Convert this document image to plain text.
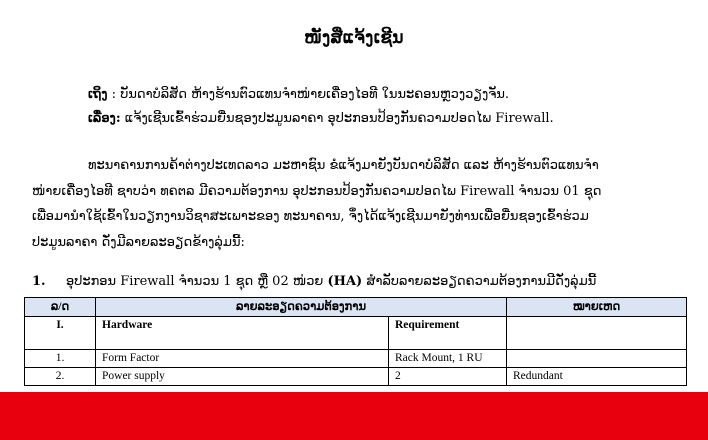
ໜັງສືແຈ້ງເຊີນ
ເຖິງ : ບັນດາບໍລິສັດ ຫ້າງຮ້ານຕົວແທນຈຳໜ່າຍເຄື່ອງໄອທີ ໃນນະຄອນຫຼວງວຽງຈັນ.
ເລື່ອງ: ແຈ້ງເຊີນເຂົ້າຮ່ວມຍື່ນຊອງປະມູນລາຄາ ອຸປະກອນປ້ອງກັນຄວາມປອດໄພ Firewall.
ທະນາຄານການຄ້າຕ່າງປະເທດລາວ ມະຫາຊົນ ຂໍແຈ້ງມາຍັງບັນດາບໍລິສັດ ແລະ ຫ້າງຮ້ານຕົວແທນຈຳ
ໜ່າຍເຄື່ອງໄອທີ ຊາບວ່າ ທຄຕລ ມີຄວາມຕ້ອງການ ອຸປະກອນປ້ອງກັນຄວາມປອດໄພ Firewall ຈຳນວນ 01 ຊຸດ
ເພື່ອມານຳໃຊ້ເຂົ້າໃນວຽກງານວິຊາສະເພາະຂອງ ທະນາຄານ, ຈຶ່ງໄດ້ແຈ້ງເຊີນມາຍັງທ່ານເພື່ອຍື່ນຊອງເຂົ້າຮ່ວມ
ປະມູນລາຄາ ດັ່ງມີລາຍລະອຽດຂ້າງລຸ່ມນີ້:
1. ອຸປະກອນ Firewall ຈຳນວນ 1 ຊຸດ ຫຼື 02 ໜ່ວຍ (HA) ສຳລັບລາຍລະອຽດຄວາມຕ້ອງການມີດັ່ງລຸ່ມນີ້
ລ/ດ	ລາຍລະອຽດຄວາມຕ້ອງການ		ໝາຍເຫດ
I.	Hardware	Requirement	
1.	Form Factor	Rack Mount, 1 RU	
2.	Power supply	2	Redundant
